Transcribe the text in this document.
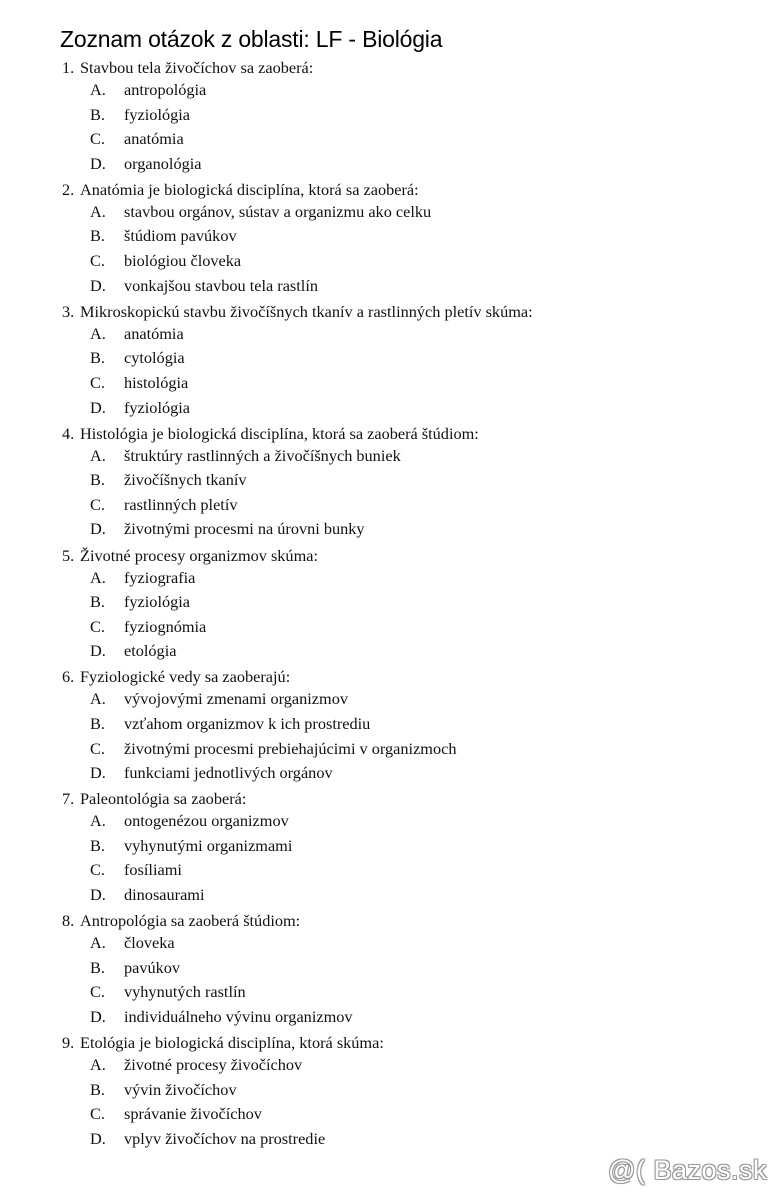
Zoznam otázok z oblasti: LF - Biológia
1. Stavbou tela živočíchov sa zaoberá:
A.	antropológia
B.	fyziológia
C.	anatómia
D.	organológia
2. Anatómia je biologická disciplína, ktorá sa zaoberá:
A.	stavbou orgánov, sústav a organizmu ako celku
B.	štúdiom pavúkov
C.	biológiou človeka
D.	vonkajšou stavbou tela rastlín
3. Mikroskopickú stavbu živočíšnych tkanív a rastlinných pletív skúma:
A.	anatómia
B.	cytológia
C.	histológia
D.	fyziológia
4. Histológia je biologická disciplína, ktorá sa zaoberá štúdiom:
A.	štruktúry rastlinných a živočíšnych buniek
B.	živočíšnych tkanív
C.	rastlinných pletív
D.	životnými procesmi na úrovni bunky
5. Životné procesy organizmov skúma:
A.	fyziografia
B.	fyziológia
C.	fyziognómia
D.	etológia
6. Fyziologické vedy sa zaoberajú:
A.	vývojovými zmenami organizmov
B.	vzťahom organizmov k ich prostrediu
C.	životnými procesmi prebiehajúcimi v organizmoch
D.	funkciami jednotlivých orgánov
7. Paleontológia sa zaoberá:
A.	ontogenézou organizmov
B.	vyhynutými organizmami
C.	fosíliami
D.	dinosaurami
8. Antropológia sa zaoberá štúdiom:
A.	človeka
B.	pavúkov
C.	vyhynutých rastlín
D.	individuálneho vývinu organizmov
9. Etológia je biologická disciplína, ktorá skúma:
A.	životné procesy živočíchov
B.	vývin živočíchov
C.	správanie živočíchov
D.	vplyv živočíchov na prostredie
@( Bazos.sk
